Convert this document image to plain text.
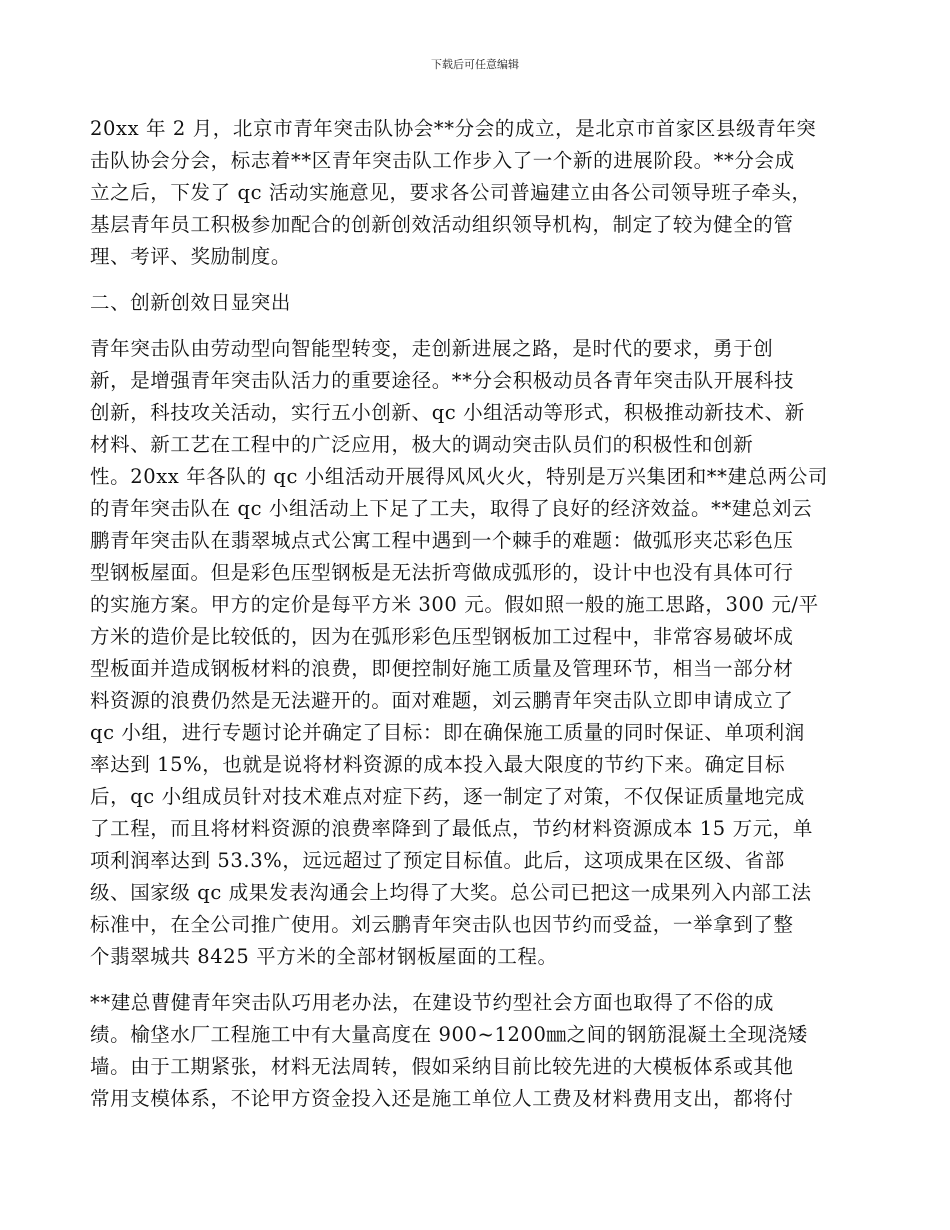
下载后可任意编辑

20xx 年 2 月，北京市青年突击队协会**分会的成立，是北京市首家区县级青年突
击队协会分会，标志着**区青年突击队工作步入了一个新的进展阶段。**分会成
立之后，下发了 qc 活动实施意见，要求各公司普遍建立由各公司领导班子牵头，
基层青年员工积极参加配合的创新创效活动组织领导机构，制定了较为健全的管
理、考评、奖励制度。

二、创新创效日显突出

青年突击队由劳动型向智能型转变，走创新进展之路，是时代的要求，勇于创
新，是增强青年突击队活力的重要途径。**分会积极动员各青年突击队开展科技
创新，科技攻关活动，实行五小创新、qc 小组活动等形式，积极推动新技术、新
材料、新工艺在工程中的广泛应用，极大的调动突击队员们的积极性和创新
性。20xx 年各队的 qc 小组活动开展得风风火火，特别是万兴集团和**建总两公司
的青年突击队在 qc 小组活动上下足了工夫，取得了良好的经济效益。**建总刘云
鹏青年突击队在翡翠城点式公寓工程中遇到一个棘手的难题：做弧形夹芯彩色压
型钢板屋面。但是彩色压型钢板是无法折弯做成弧形的，设计中也没有具体可行
的实施方案。甲方的定价是每平方米 300 元。假如照一般的施工思路，300 元/平
方米的造价是比较低的，因为在弧形彩色压型钢板加工过程中，非常容易破坏成
型板面并造成钢板材料的浪费，即便控制好施工质量及管理环节，相当一部分材
料资源的浪费仍然是无法避开的。面对难题，刘云鹏青年突击队立即申请成立了
qc 小组，进行专题讨论并确定了目标：即在确保施工质量的同时保证、单项利润
率达到 15%，也就是说将材料资源的成本投入最大限度的节约下来。确定目标
后，qc 小组成员针对技术难点对症下药，逐一制定了对策，不仅保证质量地完成
了工程，而且将材料资源的浪费率降到了最低点，节约材料资源成本 15 万元，单
项利润率达到 53.3%，远远超过了预定目标值。此后，这项成果在区级、省部
级、国家级 qc 成果发表沟通会上均得了大奖。总公司已把这一成果列入内部工法
标准中，在全公司推广使用。刘云鹏青年突击队也因节约而受益，一举拿到了整
个翡翠城共 8425 平方米的全部材钢板屋面的工程。

**建总曹健青年突击队巧用老办法，在建设节约型社会方面也取得了不俗的成
绩。榆垡水厂工程施工中有大量高度在 900~1200㎜之间的钢筋混凝土全现浇矮
墙。由于工期紧张，材料无法周转，假如采纳目前比较先进的大模板体系或其他
常用支模体系，不论甲方资金投入还是施工单位人工费及材料费用支出，都将付
